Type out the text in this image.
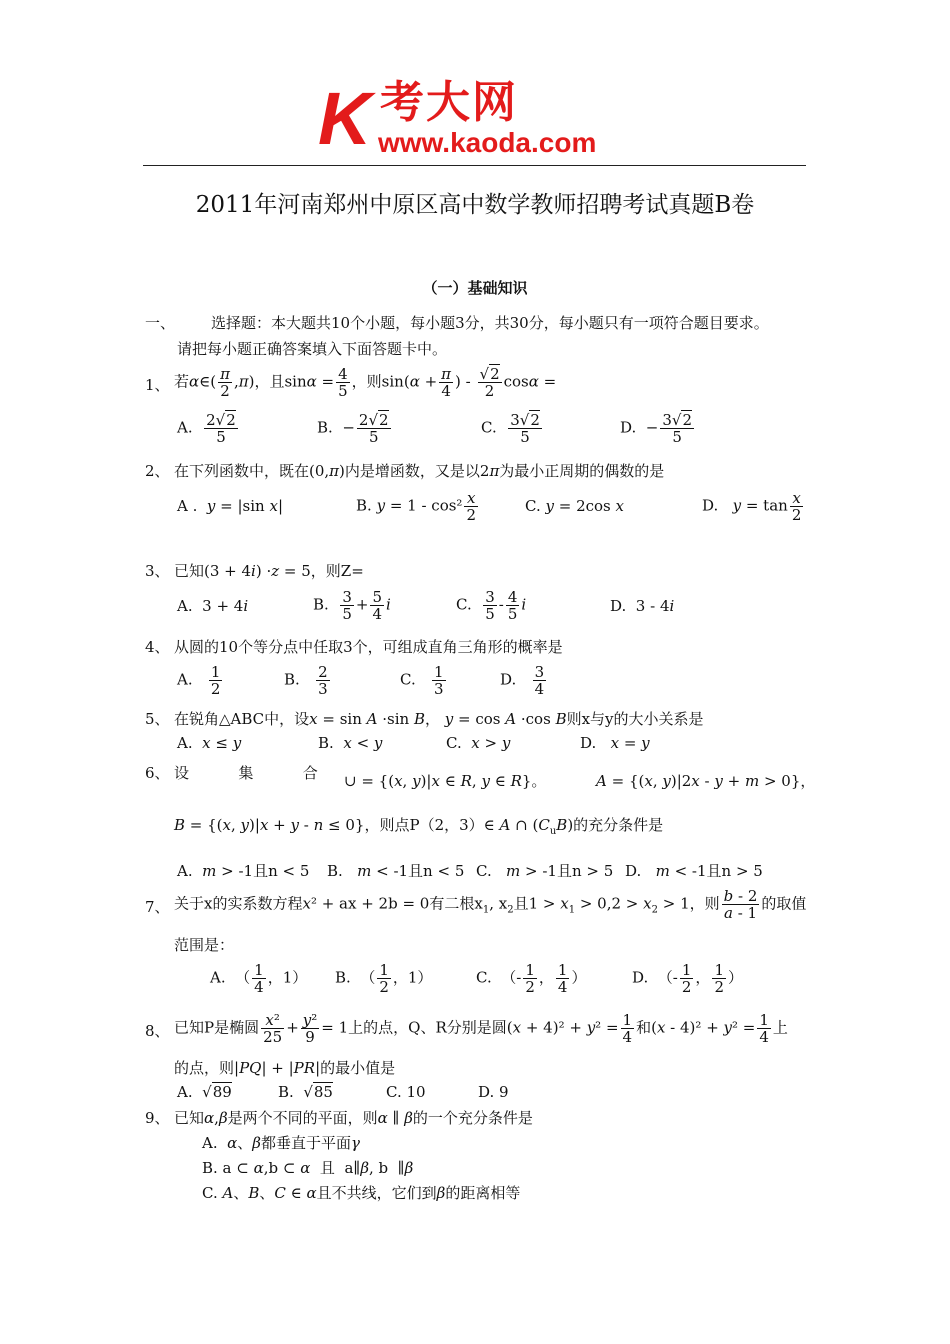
K 考大网
www.kaoda.com
2011年河南郑州中原区高中数学教师招聘考试真题B卷
（一）基础知识
一、 选择题：本大题共10个小题，每小题3分，共30分，每小题只有一项符合题目要求。
请把每小题正确答案填入下面答题卡中。
1、 若α∈( $\frac{\pi}{2} ,\pi$)，且$\sin\alpha = \frac{4}{5}$ ，则$\sin(\alpha + \frac{\pi}{4}$ ) - $\frac{√2}{2}$ cosα =
A. $\frac{2√2}{5}$	B.  − $\frac{2√2}{5}$	C. $\frac{3√2}{5}$	D.  − $\frac{3√2}{5}$
2、 在下列函数中，既在(0,π)内是增函数，又是以2π为最小正周期的偶数的是
A .  y = |sin x|	B. $y = 1 - \cos^2 \frac{x}{2}$	C. y = 2cos x	D.   $y = \tan \frac{x}{2}$
3、 已知(3 + 4i) ·z = 5，则Z=
A.  3 + 4i	B. $\frac{3}{5} + \frac{5}{4}$ i	C. $\frac{3}{5} - \frac{4}{5}$ i	D.  3 - 4i
4、 从圆的10个等分点中任取3个，可组成直角三角形的概率是
A. $\frac{1}{2}$	B. $\frac{2}{3}$	C. $\frac{1}{3}$	D. $\frac{3}{4}$
5、 在锐角△ABC中，设x = sin A ·sin B， y = cos A ·cos B则x与y的大小关系是
A.  x ≤ y	B.  x < y	C.  x > y	D.   x = y
6、 设       集       合 ∪ = {(x, y)|x ∈ R, y ∈ R}。	A = {(x, y)|2x - y + m > 0}，
B = {(x, y)|x + y - n ≤ 0}，则点P（2，3）∈ A ∩ $(C_uB)$的充分条件是
A.  m > -1且n < 5 B.   m < -1且n < 5 C.   m > -1且n > 5 D.   m < -1且n > 5
7、 关于x的实系数方程x² + ax + 2b = 0有二根$x_1$, $x_2$且$1 > x_1 > 0,2 > x_2 > 1$，则 $\frac{b - 2}{a - 1}$ 的取值
范围是：
A.  （ $\frac{1}{4}$ ，1） B.  （ $\frac{1}{2}$ ，1）	C.  （- $\frac{1}{2}$ ， $\frac{1}{4}$ ）	D.  （- $\frac{1}{2}$ ， $\frac{1}{2}$ ）
8、 已知P是椭圆 $\frac{\text{x²}}{25} + \frac{\text{y²}}{9} = 1$上的点，Q、R分别是圆$(x + 4)^2 + y^2 = \frac{1}{4}$ 和$(x - 4)^2 + y^2 = \frac{1}{4}$ 上
的点，则|PQ| + |PR|的最小值是
A.  √89	B.  √85	C. 10	D. 9
9、 已知α,β是两个不同的平面，则α ∥ β的一个充分条件是
A.  α、β都垂直于平面γ
B. a ⊂ α,b ⊂ α  且  a∥β, b  ∥β
C. A、B、C ∈ α且不共线，它们到β的距离相等
